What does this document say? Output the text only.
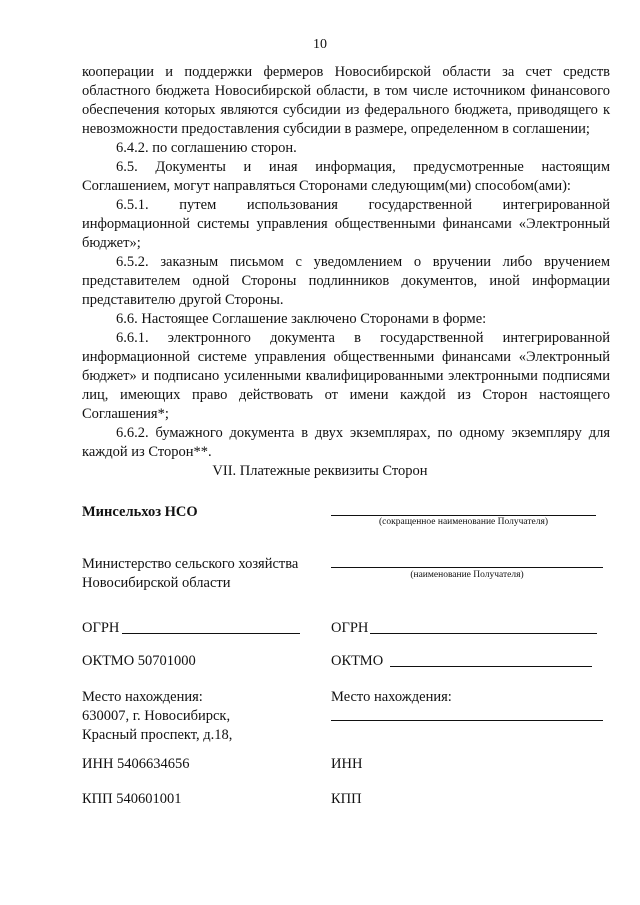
10

кооперации и поддержки фермеров Новосибирской области за счет средств областного бюджета Новосибирской области, в том числе источником финансового обеспечения которых являются субсидии из федерального бюджета, приводящего к невозможности предоставления субсидии в размере, определенном в соглашении;

6.4.2. по соглашению сторон.

6.5. Документы и иная информация, предусмотренные настоящим Соглашением, могут направляться Сторонами следующим(ми) способом(ами):

6.5.1. путем использования государственной интегрированной информационной системы управления общественными финансами «Электронный бюджет»;

6.5.2. заказным письмом с уведомлением о вручении либо вручением представителем одной Стороны подлинников документов, иной информации представителю другой Стороны.

6.6. Настоящее Соглашение заключено Сторонами в форме:

6.6.1. электронного документа в государственной интегрированной информационной системе управления общественными финансами «Электронный бюджет» и подписано усиленными квалифицированными электронными подписями лиц, имеющих право действовать от имени каждой из Сторон настоящего Соглашения*;

6.6.2. бумажного документа в двух экземплярах, по одному экземпляру для каждой из Сторон**.

VII. Платежные реквизиты Сторон
Минсельхоз НСО
Министерство сельского хозяйства
Новосибирской области
ОГРН
ОКТМО 50701000
Место нахождения:
630007, г. Новосибирск,
Красный проспект, д.18,
ИНН 5406634656
КПП 540601001
(сокращенное наименование Получателя)
(наименование Получателя)
ОГРН
ОКТМО
Место нахождения:
ИНН
КПП
